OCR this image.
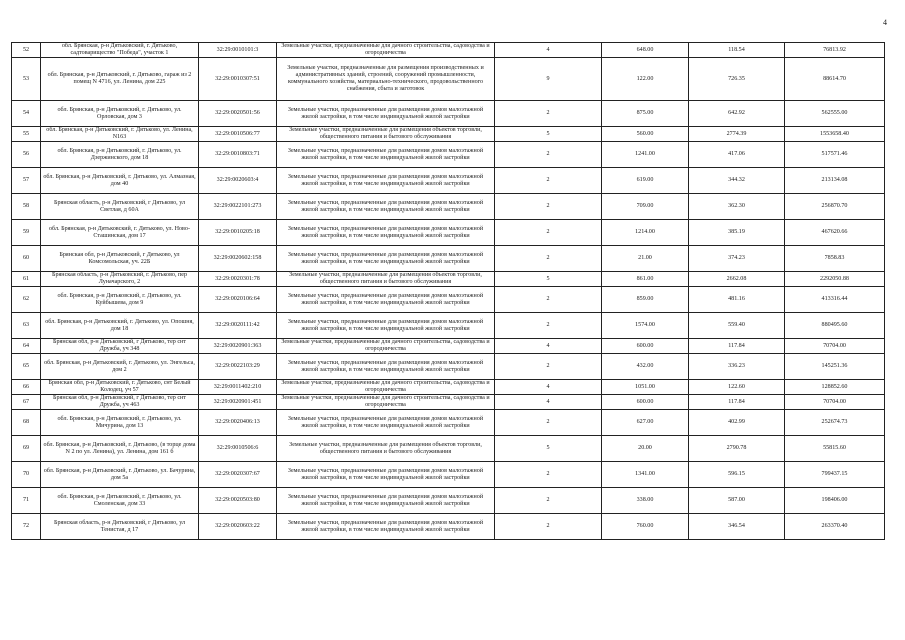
4
52	обл. Брянская, р-н Дятьковский, г. Дятьково, садтоварищество "Победа", участок 1	32:29:0010101:3	Земельные участки, предназначенные для дачного строительства, садоводства и огородничества	4	648.00	118.54	76813.92
53	обл. Брянская, р-н Дятьковский, г. Дятьково, гараж из 2 помещ N 4716, ул. Ленина, дом 225	32:29:0010307:51	Земельные участки, предназначенные для размещения производственных и административных зданий, строений, сооружений промышленности, коммунального хозяйства, материально-технического, продовольственного снабжения, сбыта и заготовок	9	122.00	726.35	88614.70
54	обл. Брянская, р-н Дятьковский, г. Дятьково, ул. Орловская, дом 3	32:29:0020501:56	Земельные участки, предназначенные для размещения домов малоэтажной жилой застройки, в том числе индивидуальной жилой застройки	2	875.00	642.92	562555.00
55	обл. Брянская, р-н Дятьковский, г. Дятьково, ул. Ленина, N163	32:29:0010506:77	Земельные участки, предназначенные для размещения объектов торговли, общественного питания и бытового обслуживания	5	560.00	2774.39	1553658.40
56	обл. Брянская, р-н Дятьковский, г. Дятьково, ул. Дзержинского, дом 18	32:29:0010803:71	Земельные участки, предназначенные для размещения домов малоэтажной жилой застройки, в том числе индивидуальной жилой застройки	2	1241.00	417.06	517571.46
57	обл. Брянская, р-н Дятьковский, г. Дятьково, ул. Алмазная, дом 40	32:29:0020603:4	Земельные участки, предназначенные для размещения домов малоэтажной жилой застройки, в том числе индивидуальной жилой застройки	2	619.00	344.32	213134.08
58	Брянская область, р-н Дятьковский, г Дятьково, ул Светлая, д 60А	32:29:0022101:273	Земельные участки, предназначенные для размещения домов малоэтажной жилой застройки, в том числе индивидуальной жилой застройки	2	709.00	362.30	256870.70
59	обл. Брянская, р-н Дятьковский, г. Дятьково, ул. Ново-Сташинская, дом 17	32:29:0010205:18	Земельные участки, предназначенные для размещения домов малоэтажной жилой застройки, в том числе индивидуальной жилой застройки	2	1214.00	385.19	467620.66
60	Брянская обл, р-н Дятьковский, г Дятьково, ул Комсомольская, уч. 22Б	32:29:0020602:158	Земельные участки, предназначенные для размещения домов малоэтажной жилой застройки, в том числе индивидуальной жилой застройки	2	21.00	374.23	7858.83
61	Брянская область, р-н Дятьковский, г. Дятьково, пер Луначарского, 2	32:29:0020301:78	Земельные участки, предназначенные для размещения объектов торговли, общественного питания и бытового обслуживания	5	861.00	2662.08	2292050.88
62	обл. Брянская, р-н Дятьковский, г. Дятьково, ул. Куйбышева, дом 9	32:29:0020106:64	Земельные участки, предназначенные для размещения домов малоэтажной жилой застройки, в том числе индивидуальной жилой застройки	2	859.00	481.16	413316.44
63	обл. Брянская, р-н Дятьковский, г. Дятьково, ул. Опошня, дом 18	32:29:0020111:42	Земельные участки, предназначенные для размещения домов малоэтажной жилой застройки, в том числе индивидуальной жилой застройки	2	1574.00	559.40	880495.60
64	Брянская обл, р-н Дятьковский, г Дятьково, тер снт Дружба, уч 348	32:29:0020901:363	Земельные участки, предназначенные для дачного строительства, садоводства и огородничества	4	600.00	117.84	70704.00
65	обл. Брянская, р-н Дятьковский, г. Дятьково, ул. Энгельса, дом 2	32:29:0022103:29	Земельные участки, предназначенные для размещения домов малоэтажной жилой застройки, в том числе индивидуальной жилой застройки	2	432.00	336.23	145251.36
66	Брянская обл, р-н Дятьковский, г. Дятьково, снт Белый Колодец, уч 57	32:29:0011402:210	Земельные участки, предназначенные для дачного строительства, садоводства и огородничества	4	1051.00	122.60	128852.60
67	Брянская обл, р-н Дятьковский, г Дятьково, тер снт Дружба, уч 463	32:29:0020901:451	Земельные участки, предназначенные для дачного строительства, садоводства и огородничества	4	600.00	117.84	70704.00
68	обл. Брянская, р-н Дятьковский, г. Дятьково, ул. Мичурина, дом 13	32:29:0020406:13	Земельные участки, предназначенные для размещения домов малоэтажной жилой застройки, в том числе индивидуальной жилой застройки	2	627.00	402.99	252674.73
69	обл. Брянская, р-н Дятьковский, г. Дятьково, (в торце дома N 2 по ул. Ленина), ул. Ленина, дом 161 б	32:29:0010506:6	Земельные участки, предназначенные для размещения объектов торговли, общественного питания и бытового обслуживания	5	20.00	2790.78	55815.60
70	обл. Брянская, р-н Дятьковский, г. Дятьково, ул. Бачурина, дом 5а	32:29:0020307:67	Земельные участки, предназначенные для размещения домов малоэтажной жилой застройки, в том числе индивидуальной жилой застройки	2	1341.00	596.15	799437.15
71	обл. Брянская, р-н Дятьковский, г. Дятьково, ул. Смоленская, дом 33	32:29:0020503:80	Земельные участки, предназначенные для размещения домов малоэтажной жилой застройки, в том числе индивидуальной жилой застройки	2	338.00	587.00	198406.00
72	Брянская область, р-н Дятьковский, г Дятьково, ул Тенистая, д 17	32:29:0020603:22	Земельные участки, предназначенные для размещения домов малоэтажной жилой застройки, в том числе индивидуальной жилой застройки	2	760.00	346.54	263370.40
